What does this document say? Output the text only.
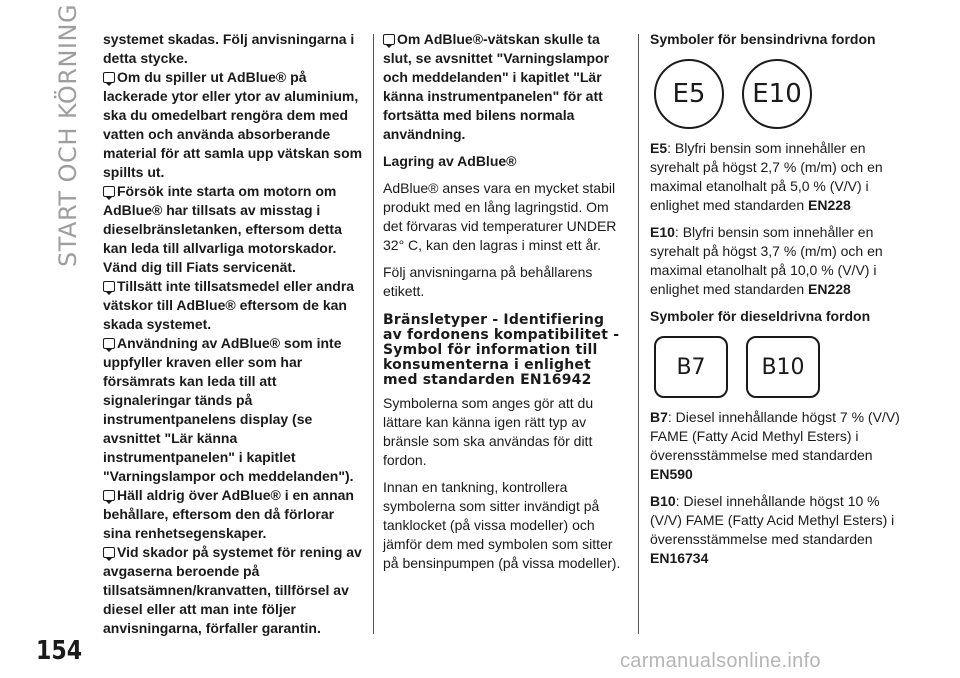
START OCH KÖRNING systemet skadas. Följ anvisningarna i detta stycke.

Om du spiller ut AdBlue® på lackerade ytor eller ytor av aluminium, ska du omedelbart rengöra dem med vatten och använda absorberande material för att samla upp vätskan som spillts ut.

Försök inte starta om motorn om AdBlue® har tillsats av misstag i dieselbränsletanken, eftersom detta kan leda till allvarliga motorskador. Vänd dig till Fiats servicenät.

Tillsätt inte tillsatsmedel eller andra vätskor till AdBlue® eftersom de kan skada systemet.

Användning av AdBlue® som inte uppfyller kraven eller som har försämrats kan leda till att signaleringar tänds på instrumentpanelens display (se avsnittet "Lär känna instrumentpanelen" i kapitlet "Varningslampor och meddelanden").

Häll aldrig över AdBlue® i en annan behållare, eftersom den då förlorar sina renhetsegenskaper.

Vid skador på systemet för rening av avgaserna beroende på tillsatsämnen/kranvatten, tillförsel av diesel eller att man inte följer anvisningarna, förfaller garantin.

Om AdBlue®-vätskan skulle ta slut, se avsnittet "Varningslampor och meddelanden" i kapitlet "Lär känna instrumentpanelen" för att fortsätta med bilens normala användning.

Lagring av AdBlue®

AdBlue® anses vara en mycket stabil produkt med en lång lagringstid. Om det förvaras vid temperaturer UNDER 32° C, kan den lagras i minst ett år.

Följ anvisningarna på behållarens etikett.

Bränsletyper - Identifiering av fordonens kompatibilitet - Symbol för information till konsumenterna i enlighet med standarden EN16942

Symbolerna som anges gör att du lättare kan känna igen rätt typ av bränsle som ska användas för ditt fordon.

Innan en tankning, kontrollera symbolerna som sitter invändigt på tanklocket (på vissa modeller) och jämför dem med symbolen som sitter på bensinpumpen (på vissa modeller).

Symboler för bensindrivna fordon

E5	E10

E5: Blyfri bensin som innehåller en syrehalt på högst 2,7 % (m/m) och en maximal etanolhalt på 5,0 % (V/V) i enlighet med standarden EN228

E10: Blyfri bensin som innehåller en syrehalt på högst 3,7 % (m/m) och en maximal etanolhalt på 10,0 % (V/V) i enlighet med standarden EN228

Symboler för dieseldrivna fordon

B7	B10

B7: Diesel innehållande högst 7 % (V/V) FAME (Fatty Acid Methyl Esters) i överensstämmelse med standarden EN590

B10: Diesel innehållande högst 10 % (V/V) FAME (Fatty Acid Methyl Esters) i överensstämmelse med standarden EN16734

154	carmanualsonline.info
